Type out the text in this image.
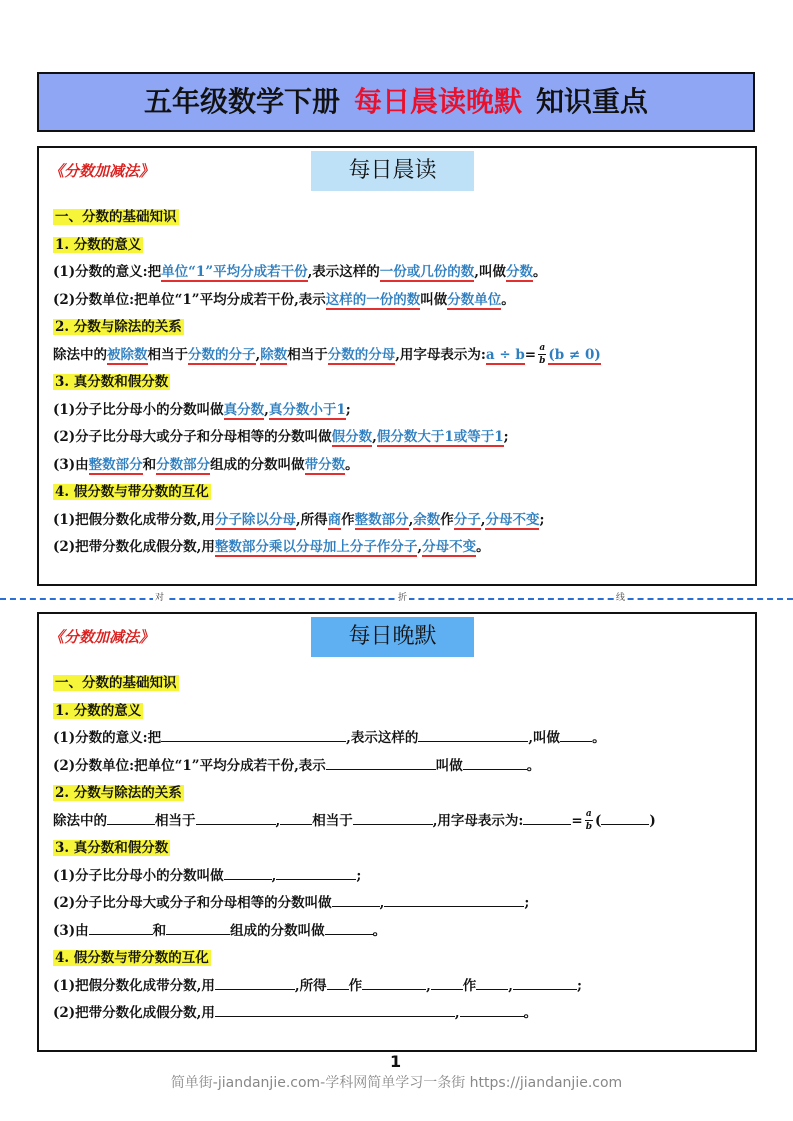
五年级数学下册 每日晨读晚默 知识重点
《分数加减法》	每日晨读
一、分数的基础知识
1. 分数的意义
(1)分数的意义:把单位“1”平均分成若干份,表示这样的一份或几份的数,叫做分数。
(2)分数单位:把单位“1”平均分成若干份,表示这样的一份的数叫做分数单位。
2. 分数与除法的关系
除法中的被除数相当于分数的分子,除数相当于分数的分母,用字母表示为:a ÷ $b= \frac{a}{b} (b \ne 0)$
3. 真分数和假分数
(1)分子比分母小的分数叫做真分数,真分数小于1;
(2)分子比分母大或分子和分母相等的分数叫做假分数,假分数大于1或等于1;
(3)由整数部分和分数部分组成的分数叫做带分数。
4. 假分数与带分数的互化
(1)把假分数化成带分数,用分子除以分母,所得商作整数部分,余数作分子,分母不变;
(2)把带分数化成假分数,用整数部分乘以分母加上分子作分子,分母不变。
对	折	线
《分数加减法》	每日晚默
一、分数的基础知识
1. 分数的意义
(1)分数的意义:把	,表示这样的	,叫做 。
(2)分数单位:把单位“1”平均分成若干份,表示	叫做	。
2. 分数与除法的关系
除法中的	相当于	, 相当于	,用字母表示为:	= $\frac{a}{b}$ (	)
3. 真分数和假分数
(1)分子比分母小的分数叫做	,	;
(2)分子比分母大或分子和分母相等的分数叫做	,	;
(3)由	和	组成的分数叫做	。
4. 假分数与带分数的互化
(1)把假分数化成带分数,用	,所得 作	, 作 ,	;
(2)把带分数化成假分数,用	,	。
1
简单街-jiandanjie.com-学科网简单学习一条街 https://jiandanjie.com
